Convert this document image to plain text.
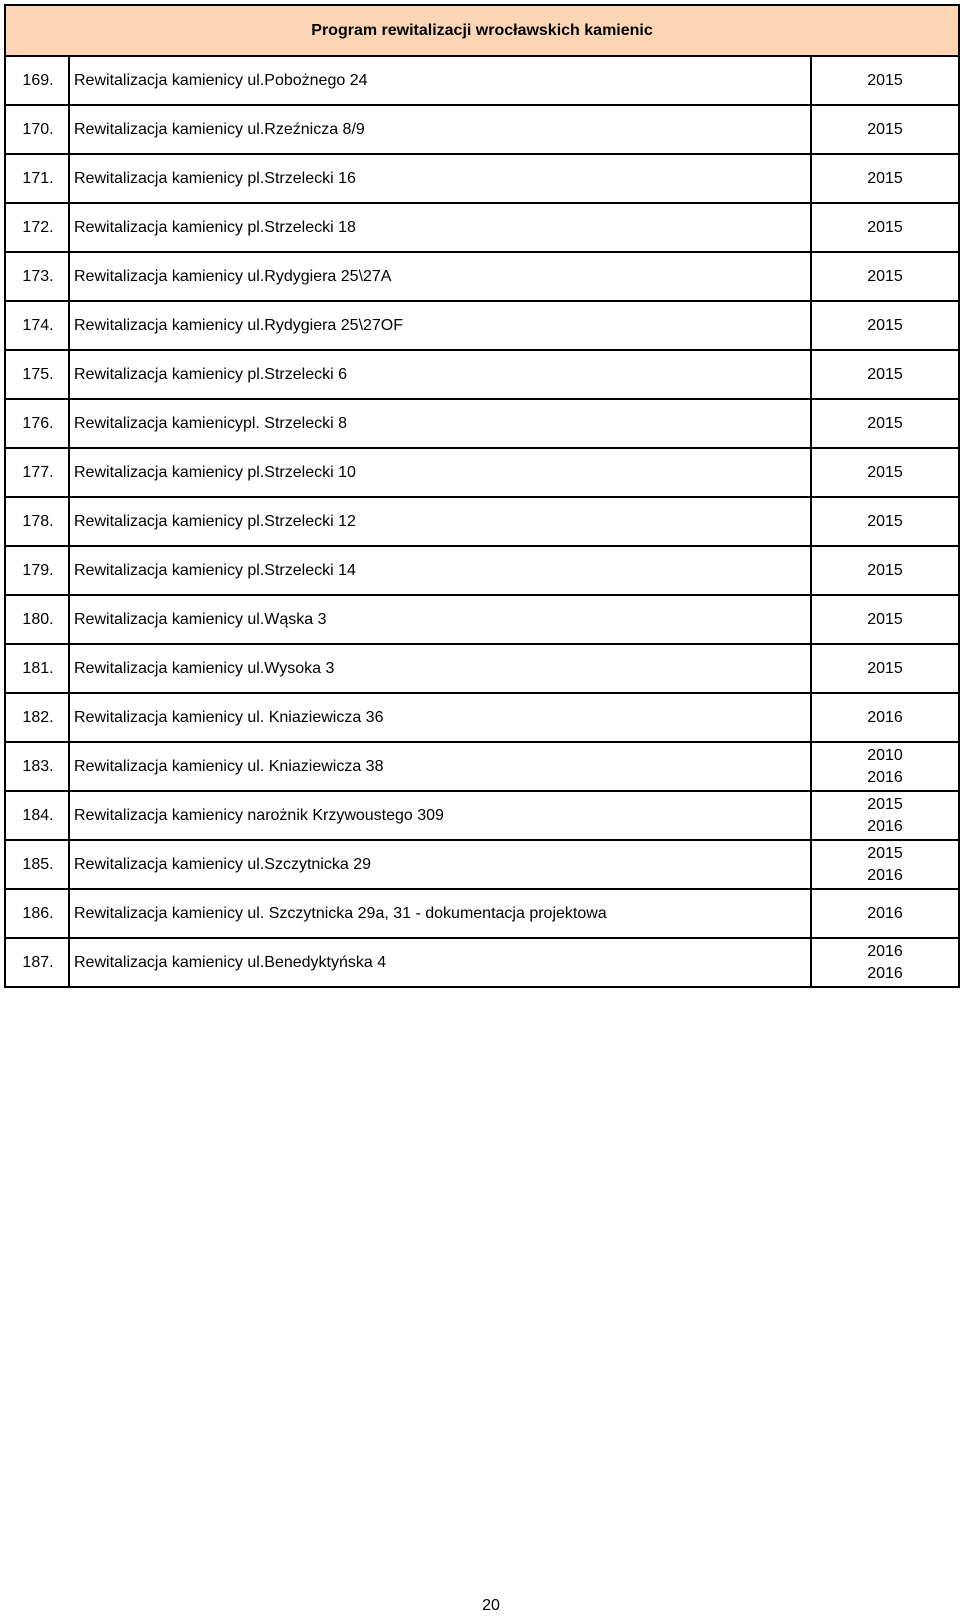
Program rewitalizacji wrocławskich kamienic		
169.	Rewitalizacja kamienicy ul.Pobożnego 24	2015

170.	Rewitalizacja kamienicy ul.Rzeźnicza 8/9	2015

171.	Rewitalizacja kamienicy pl.Strzelecki 16	2015

172.	Rewitalizacja kamienicy pl.Strzelecki 18	2015

173.	Rewitalizacja kamienicy ul.Rydygiera 25\27A	2015

174.	Rewitalizacja kamienicy ul.Rydygiera 25\27OF	2015

175.	Rewitalizacja kamienicy pl.Strzelecki 6	2015

176.	Rewitalizacja kamienicypl. Strzelecki 8	2015

177.	Rewitalizacja kamienicy pl.Strzelecki 10	2015

178.	Rewitalizacja kamienicy pl.Strzelecki 12	2015

179.	Rewitalizacja kamienicy pl.Strzelecki 14	2015

180.	Rewitalizacja kamienicy ul.Wąska 3	2015

181.	Rewitalizacja kamienicy ul.Wysoka 3	2015

182.	Rewitalizacja kamienicy ul. Kniaziewicza 36	2016

183.	Rewitalizacja kamienicy ul. Kniaziewicza 38	2010
2016

184.	Rewitalizacja kamienicy narożnik Krzywoustego 309	2015
2016

185.	Rewitalizacja kamienicy ul.Szczytnicka 29	2015
2016

186.	Rewitalizacja kamienicy ul. Szczytnicka 29a, 31 - dokumentacja projektowa	2016

187.	Rewitalizacja kamienicy ul.Benedyktyńska 4	2016
2016
20
